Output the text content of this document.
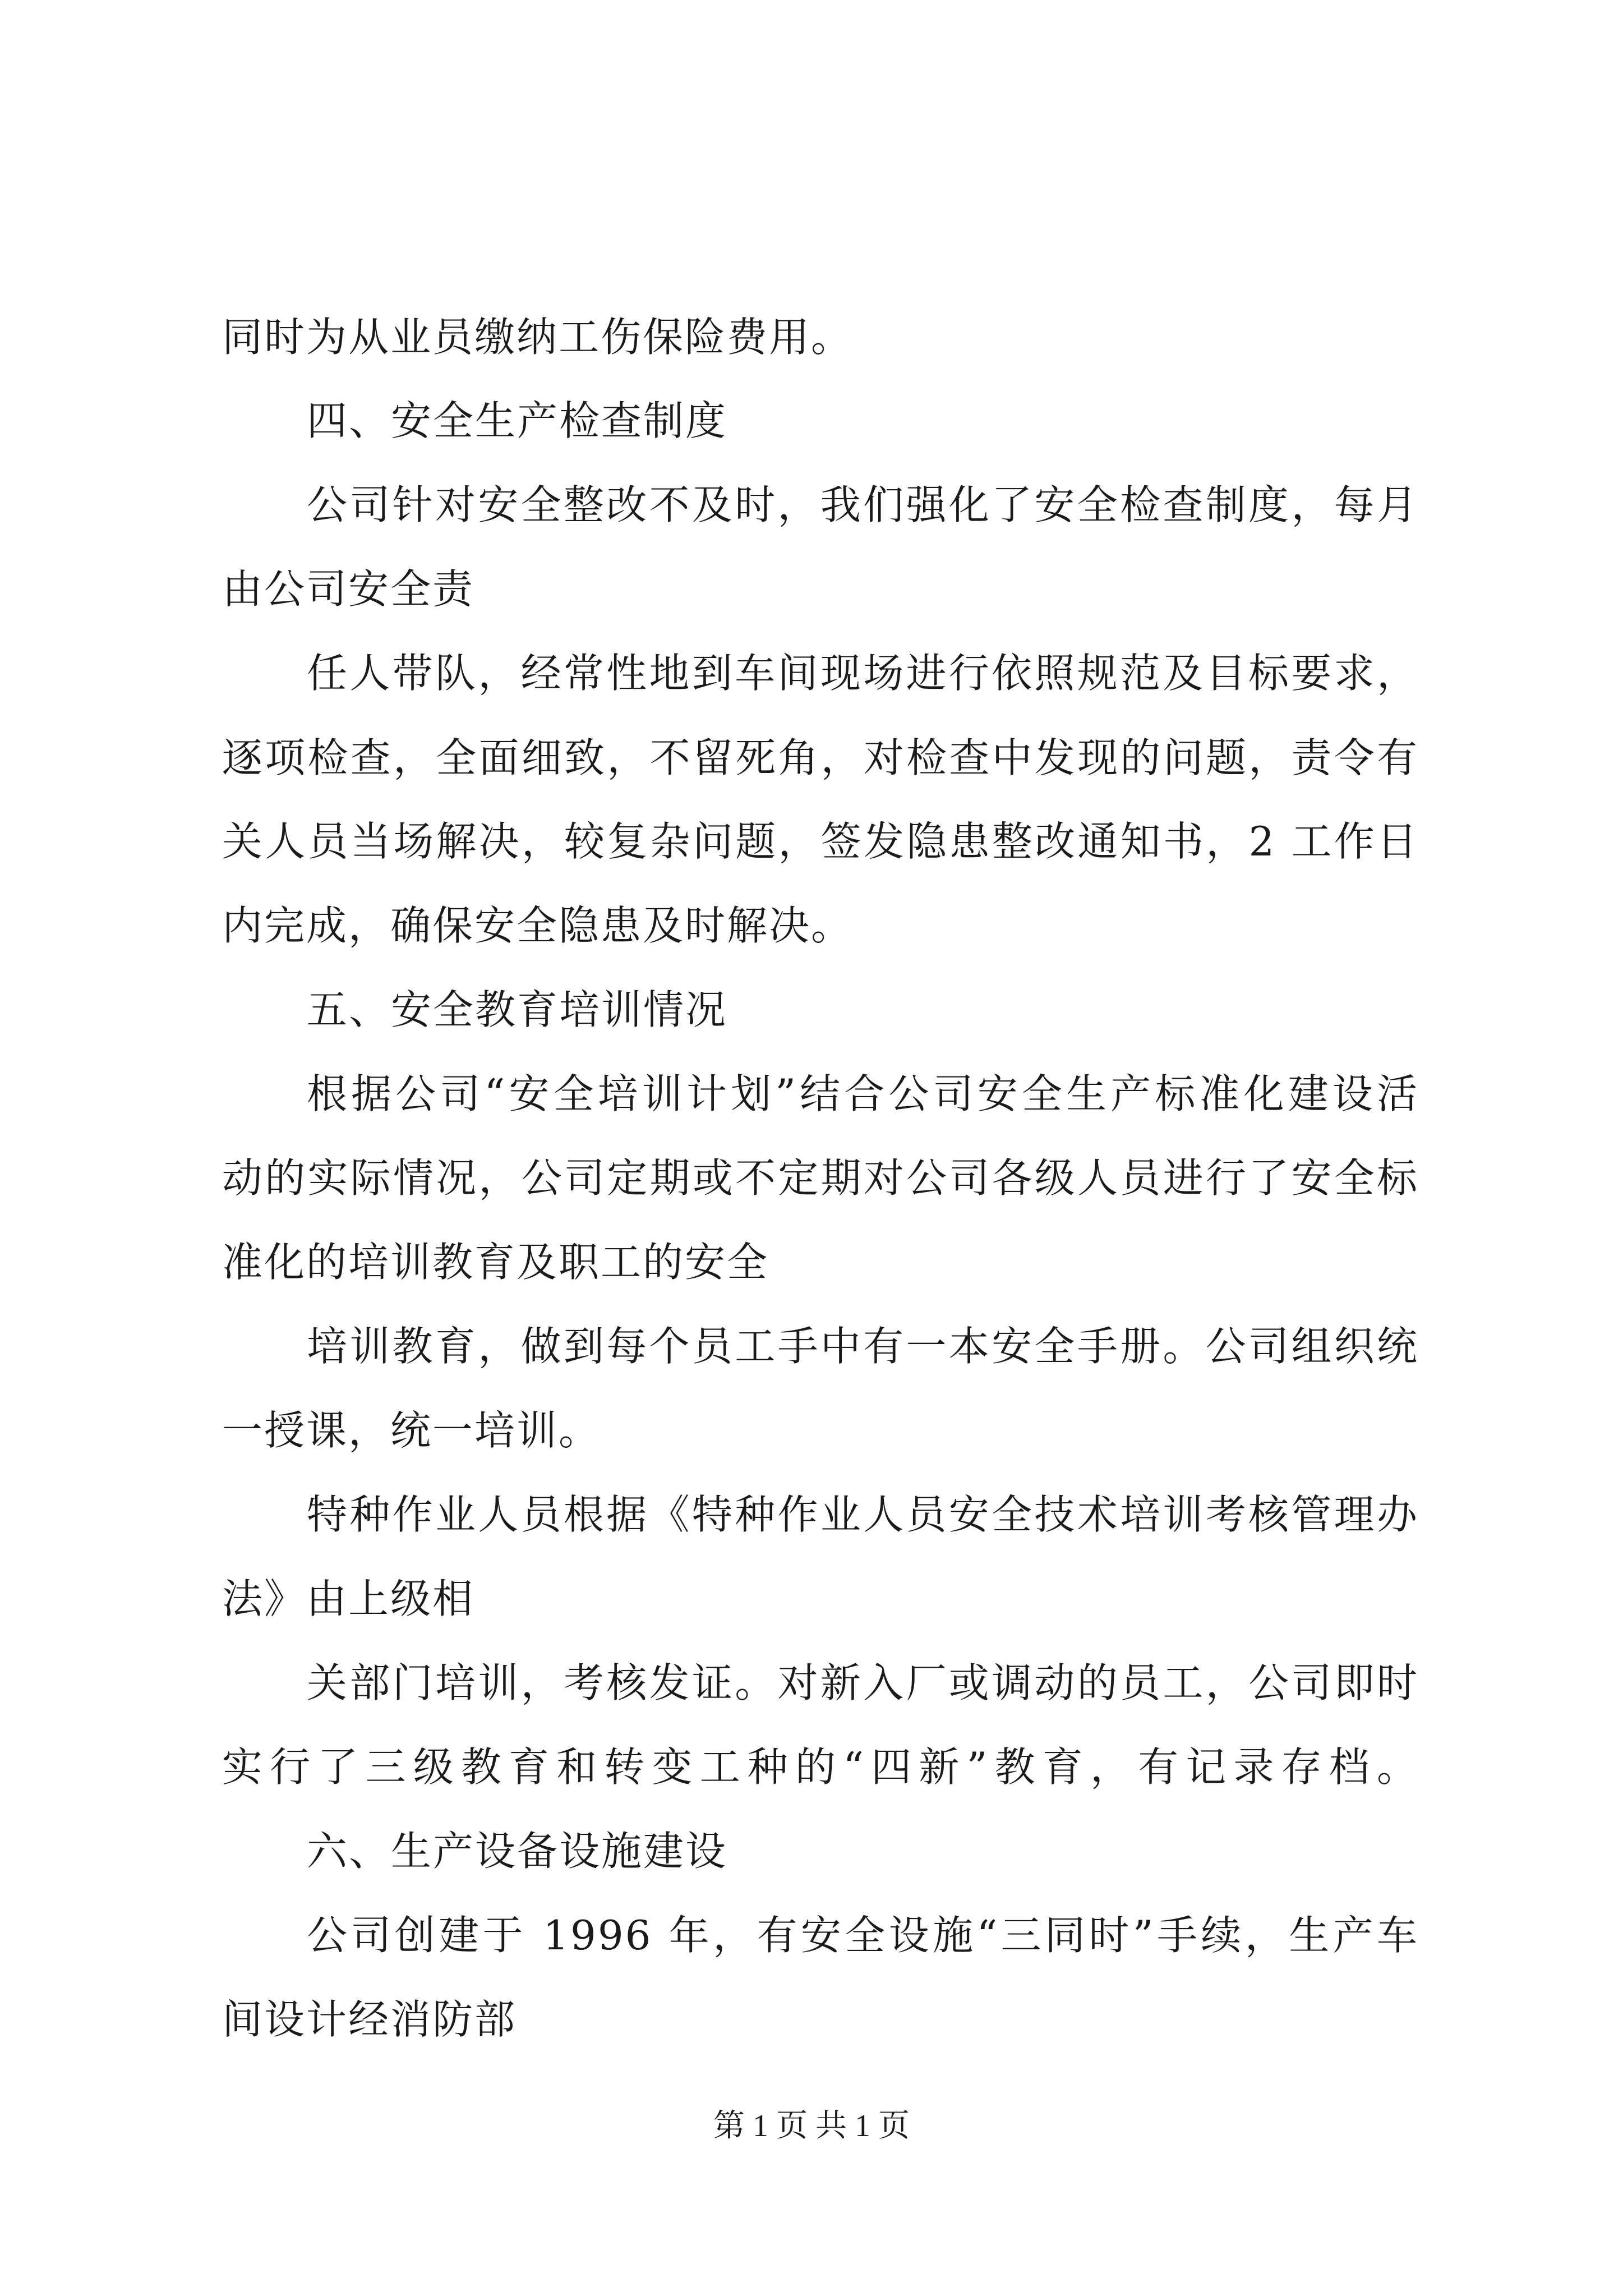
同时为从业员缴纳工伤保险费用。
四、安全生产检查制度
公司针对安全整改不及时，我们强化了安全检查制度，每月
由公司安全责
任人带队，经常性地到车间现场进行依照规范及目标要求，
逐项检查，全面细致，不留死角，对检查中发现的问题，责令有
关人员当场解决，较复杂问题，签发隐患整改通知书，2 工作日
内完成，确保安全隐患及时解决。
五、安全教育培训情况
根据公司“安全培训计划”结合公司安全生产标准化建设活
动的实际情况，公司定期或不定期对公司各级人员进行了安全标
准化的培训教育及职工的安全
培训教育，做到每个员工手中有一本安全手册。公司组织统
一授课，统一培训。
特种作业人员根据《特种作业人员安全技术培训考核管理办
法》由上级相
关部门培训，考核发证。对新入厂或调动的员工，公司即时
实行了三级教育和转变工种的“四新”教育，有记录存档。
六、生产设备设施建设
公司创建于 1996 年，有安全设施“三同时”手续，生产车
间设计经消防部
第 1 页 共 1 页
